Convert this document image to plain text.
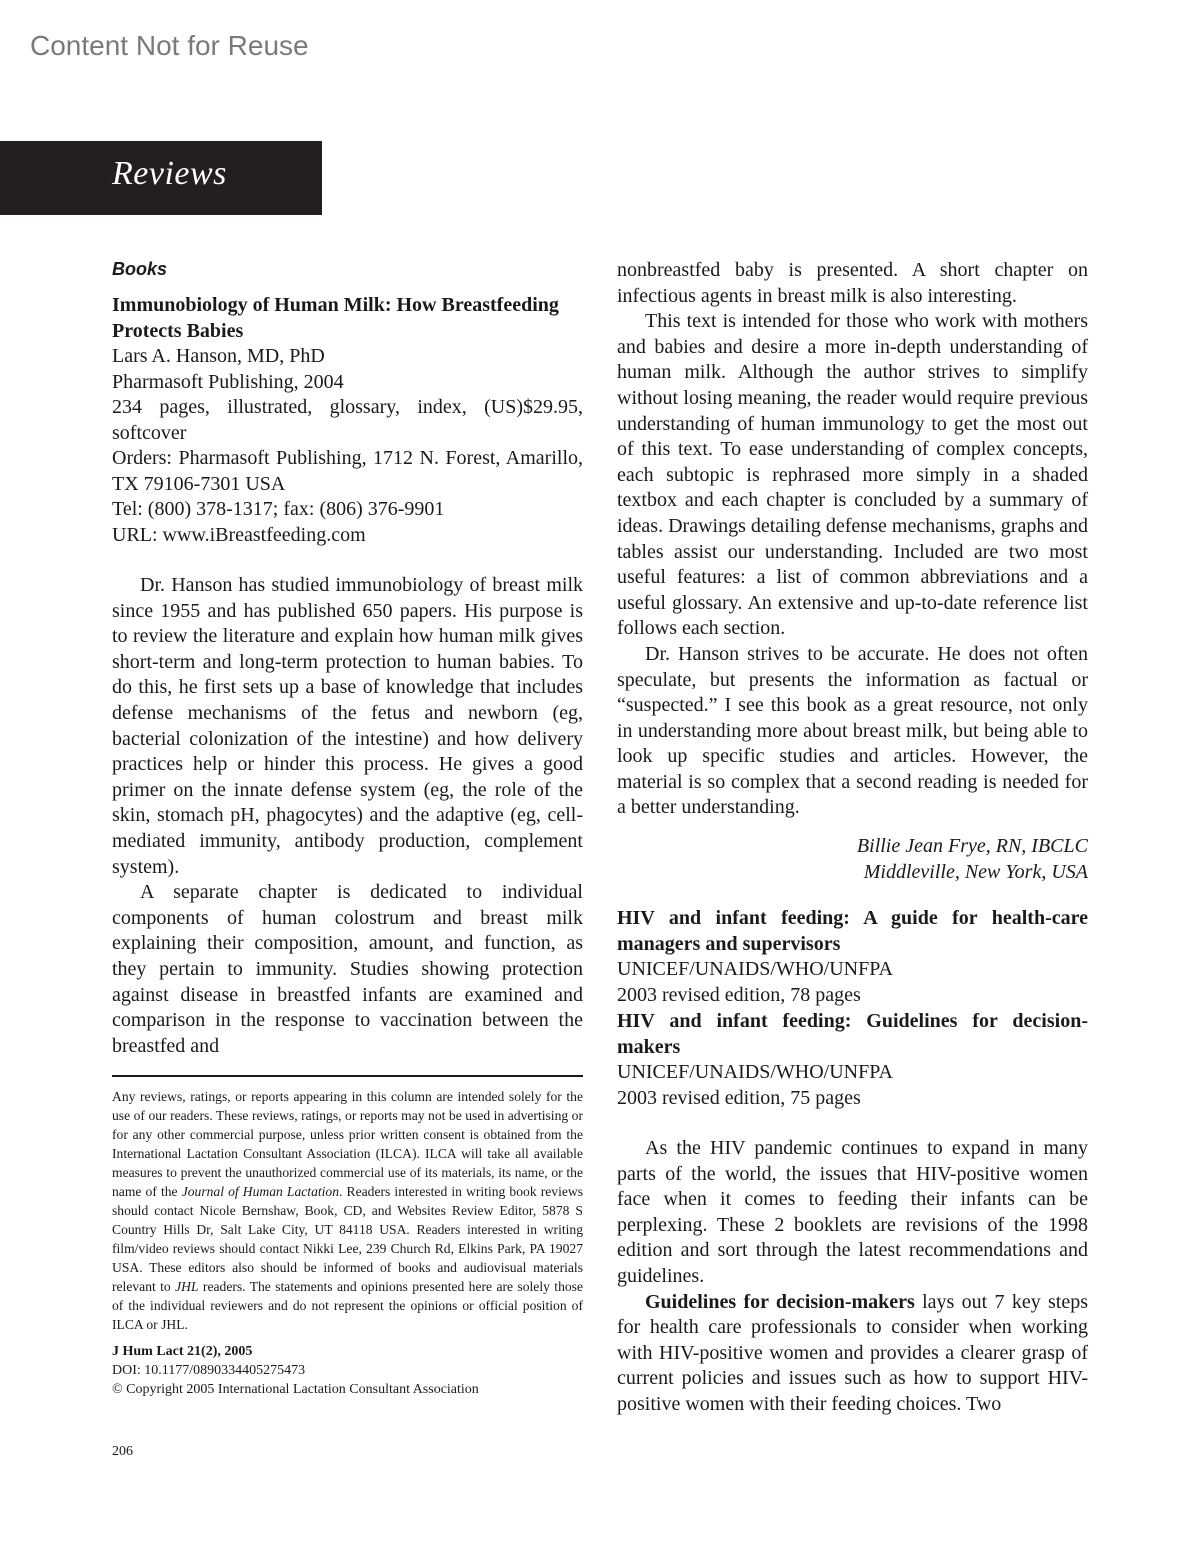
Content Not for Reuse
Reviews
Books
Immunobiology of Human Milk: How Breastfeeding Protects Babies
Lars A. Hanson, MD, PhD
Pharmasoft Publishing, 2004
234 pages, illustrated, glossary, index, (US)$29.95, softcover
Orders: Pharmasoft Publishing, 1712 N. Forest, Amarillo, TX 79106-7301 USA
Tel: (800) 378-1317; fax: (806) 376-9901
URL: www.iBreastfeeding.com

Dr. Hanson has studied immunobiology of breast milk since 1955 and has published 650 papers. His purpose is to review the literature and explain how human milk gives short-term and long-term protection to human babies. To do this, he first sets up a base of knowledge that includes defense mechanisms of the fetus and newborn (eg, bacterial colonization of the intestine) and how delivery practices help or hinder this process. He gives a good primer on the innate defense system (eg, the role of the skin, stomach pH, phagocytes) and the adaptive (eg, cell-mediated immunity, antibody production, complement system).

A separate chapter is dedicated to individual components of human colostrum and breast milk explaining their composition, amount, and function, as they pertain to immunity. Studies showing protection against disease in breastfed infants are examined and comparison in the response to vaccination between the breastfed and

Any reviews, ratings, or reports appearing in this column are intended solely for the use of our readers. These reviews, ratings, or reports may not be used in advertising or for any other commercial purpose, unless prior written consent is obtained from the International Lactation Consultant Association (ILCA). ILCA will take all available measures to prevent the unauthorized commercial use of its materials, its name, or the name of the Journal of Human Lactation. Readers interested in writing book reviews should contact Nicole Bernshaw, Book, CD, and Websites Review Editor, 5878 S Country Hills Dr, Salt Lake City, UT 84118 USA. Readers interested in writing film/video reviews should contact Nikki Lee, 239 Church Rd, Elkins Park, PA 19027 USA. These editors also should be informed of books and audiovisual materials relevant to JHL readers. The statements and opinions presented here are solely those of the individual reviewers and do not represent the opinions or official position of ILCA or JHL.
J Hum Lact 21(2), 2005
DOI: 10.1177/0890334405275473
© Copyright 2005 International Lactation Consultant Association

nonbreastfed baby is presented. A short chapter on infectious agents in breast milk is also interesting.

This text is intended for those who work with mothers and babies and desire a more in-depth understanding of human milk. Although the author strives to simplify without losing meaning, the reader would require previous understanding of human immunology to get the most out of this text. To ease understanding of complex concepts, each subtopic is rephrased more simply in a shaded textbox and each chapter is concluded by a summary of ideas. Drawings detailing defense mechanisms, graphs and tables assist our understanding. Included are two most useful features: a list of common abbreviations and a useful glossary. An extensive and up-to-date reference list follows each section.

Dr. Hanson strives to be accurate. He does not often speculate, but presents the information as factual or “suspected.” I see this book as a great resource, not only in understanding more about breast milk, but being able to look up specific studies and articles. However, the material is so complex that a second reading is needed for a better understanding.

Billie Jean Frye, RN, IBCLC
Middleville, New York, USA
HIV and infant feeding: A guide for health-care managers and supervisors
UNICEF/UNAIDS/WHO/UNFPA
2003 revised edition, 78 pages
HIV and infant feeding: Guidelines for decision-makers
UNICEF/UNAIDS/WHO/UNFPA
2003 revised edition, 75 pages

As the HIV pandemic continues to expand in many parts of the world, the issues that HIV-positive women face when it comes to feeding their infants can be perplexing. These 2 booklets are revisions of the 1998 edition and sort through the latest recommendations and guidelines.

Guidelines for decision-makers lays out 7 key steps for health care professionals to consider when working with HIV-positive women and provides a clearer grasp of current policies and issues such as how to support HIV-positive women with their feeding choices. Two

206
